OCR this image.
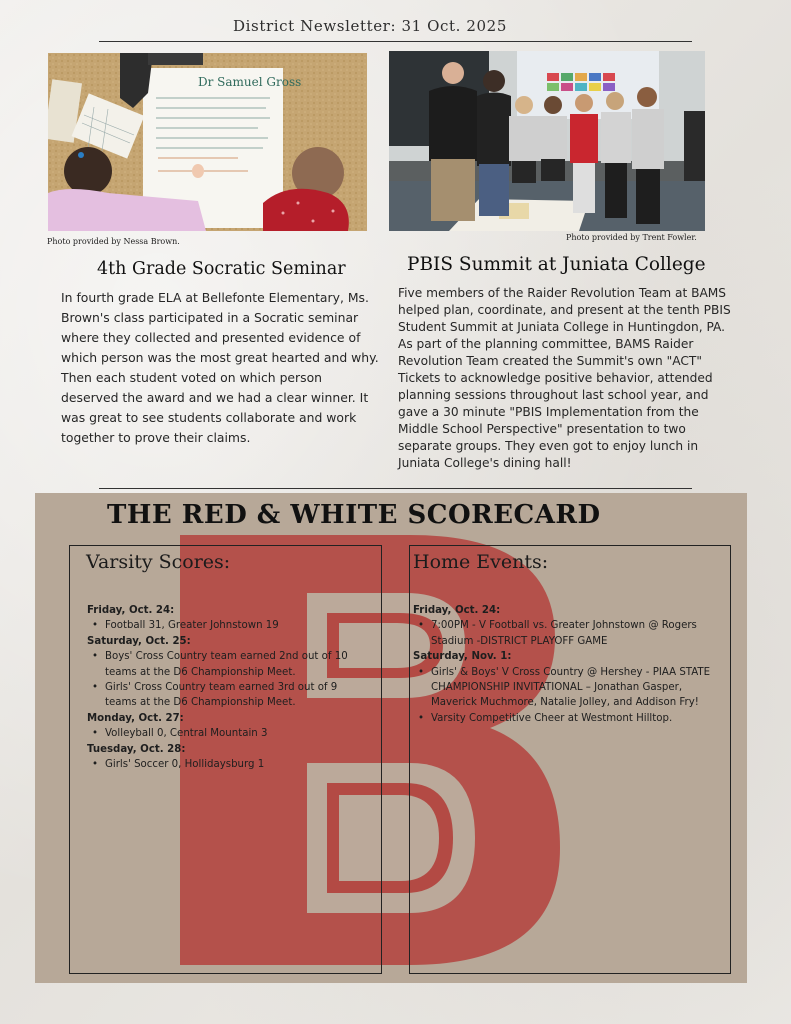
District Newsletter: 31 Oct. 2025
Dr Samuel Gross
Photo provided by Nessa Brown.	Photo provided by Trent Fowler.
4th Grade Socratic Seminar
In fourth grade ELA at Bellefonte Elementary, Ms. Brown's class participated in a Socratic seminar where they collected and presented evidence of which person was the most great hearted and why. Then each student voted on which person deserved the award and we had a clear winner. It was great to see students collaborate and work together to prove their claims.
PBIS Summit at Juniata College
Five members of the Raider Revolution Team at BAMS helped plan, coordinate, and present at the tenth PBIS Student Summit at Juniata College in Huntingdon, PA. As part of the planning committee, BAMS Raider Revolution Team created the Summit's own "ACT" Tickets to acknowledge positive behavior, attended planning sessions throughout last school year, and gave a 30 minute "PBIS Implementation from the Middle School Perspective" presentation to two separate groups. They even got to enjoy lunch in Juniata College's dining hall!
THE RED & WHITE SCORECARD
Varsity Scores:
Friday, Oct. 24:
• Football 31, Greater Johnstown 19
Saturday, Oct. 25:
• Boys' Cross Country team earned 2nd out of 10 teams at the D6 Championship Meet.
• Girls' Cross Country team earned 3rd out of 9 teams at the D6 Championship Meet.
Monday, Oct. 27:
• Volleyball 0, Central Mountain 3
Tuesday, Oct. 28:
• Girls' Soccer 0, Hollidaysburg 1
Home Events:
Friday, Oct. 24:
• 7:00PM - V Football vs. Greater Johnstown @ Rogers Stadium -DISTRICT PLAYOFF GAME
Saturday, Nov. 1:
• Girls' & Boys' V Cross Country @ Hershey - PIAA STATE CHAMPIONSHIP INVITATIONAL – Jonathan Gasper, Maverick Muchmore, Natalie Jolley, and Addison Fry!
• Varsity Competitive Cheer at Westmont Hilltop.
